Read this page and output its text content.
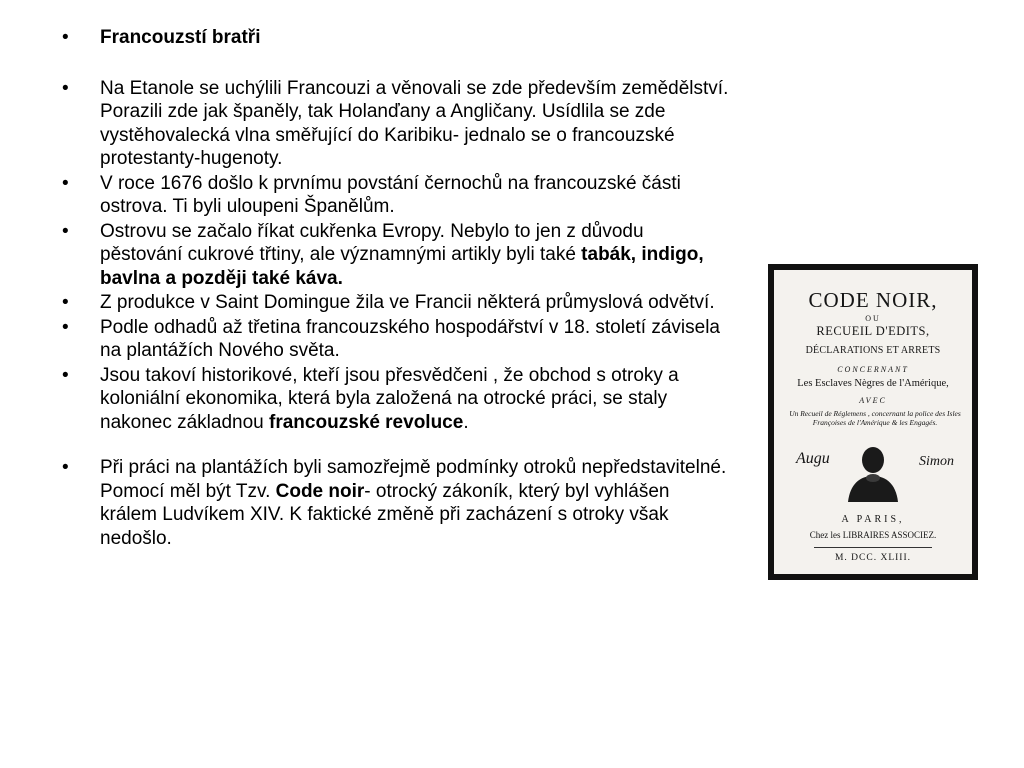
• Francouzstí bratři
• Na Etanole se uchýlili Francouzi a věnovali se zde především zemědělství. Porazili zde jak španěly, tak Holanďany a Angličany. Usídlila se zde vystěhovalecká vlna směřující do Karibiku- jednalo se o francouzské protestanty-hugenoty.
• V roce 1676 došlo k prvnímu povstání černochů na francouzské části ostrova. Ti byli uloupeni Španělům.
• Ostrovu se začalo říkat cukřenka Evropy. Nebylo to jen z důvodu pěstování cukrové třtiny, ale významnými artikly byli také tabák, indigo, bavlna a později také káva.
• Z produkce v Saint Domingue žila ve Francii některá průmyslová odvětví.
• Podle odhadů až třetina francouzského hospodářství v 18. století závisela na plantážích Nového světa.
• Jsou takoví historikové, kteří jsou přesvědčeni , že obchod s otroky a koloniální ekonomika, která byla založená na otrocké práci, se staly nakonec základnou francouzské revoluce.
• Při práci na plantážích byli samozřejmě podmínky otroků nepředstavitelné. Pomocí měl být Tzv. Code noir- otrocký zákoník, který byl vyhlášen králem Ludvíkem XIV. K faktické změně při zacházení s otroky však nedošlo.
CODE NOIR,
OU
RECUEIL D'EDITS,
DÉCLARATIONS ET ARRETS
CONCERNANT
Les Esclaves Nègres de l'Amérique,
AVEC
Un Recueil de Réglemens , concernant la police des Isles Françoises de l'Amérique & les Engagés.
Augu	Simon
A PARIS,
Chez les LIBRAIRES ASSOCIEZ.
M. DCC. XLIII.
